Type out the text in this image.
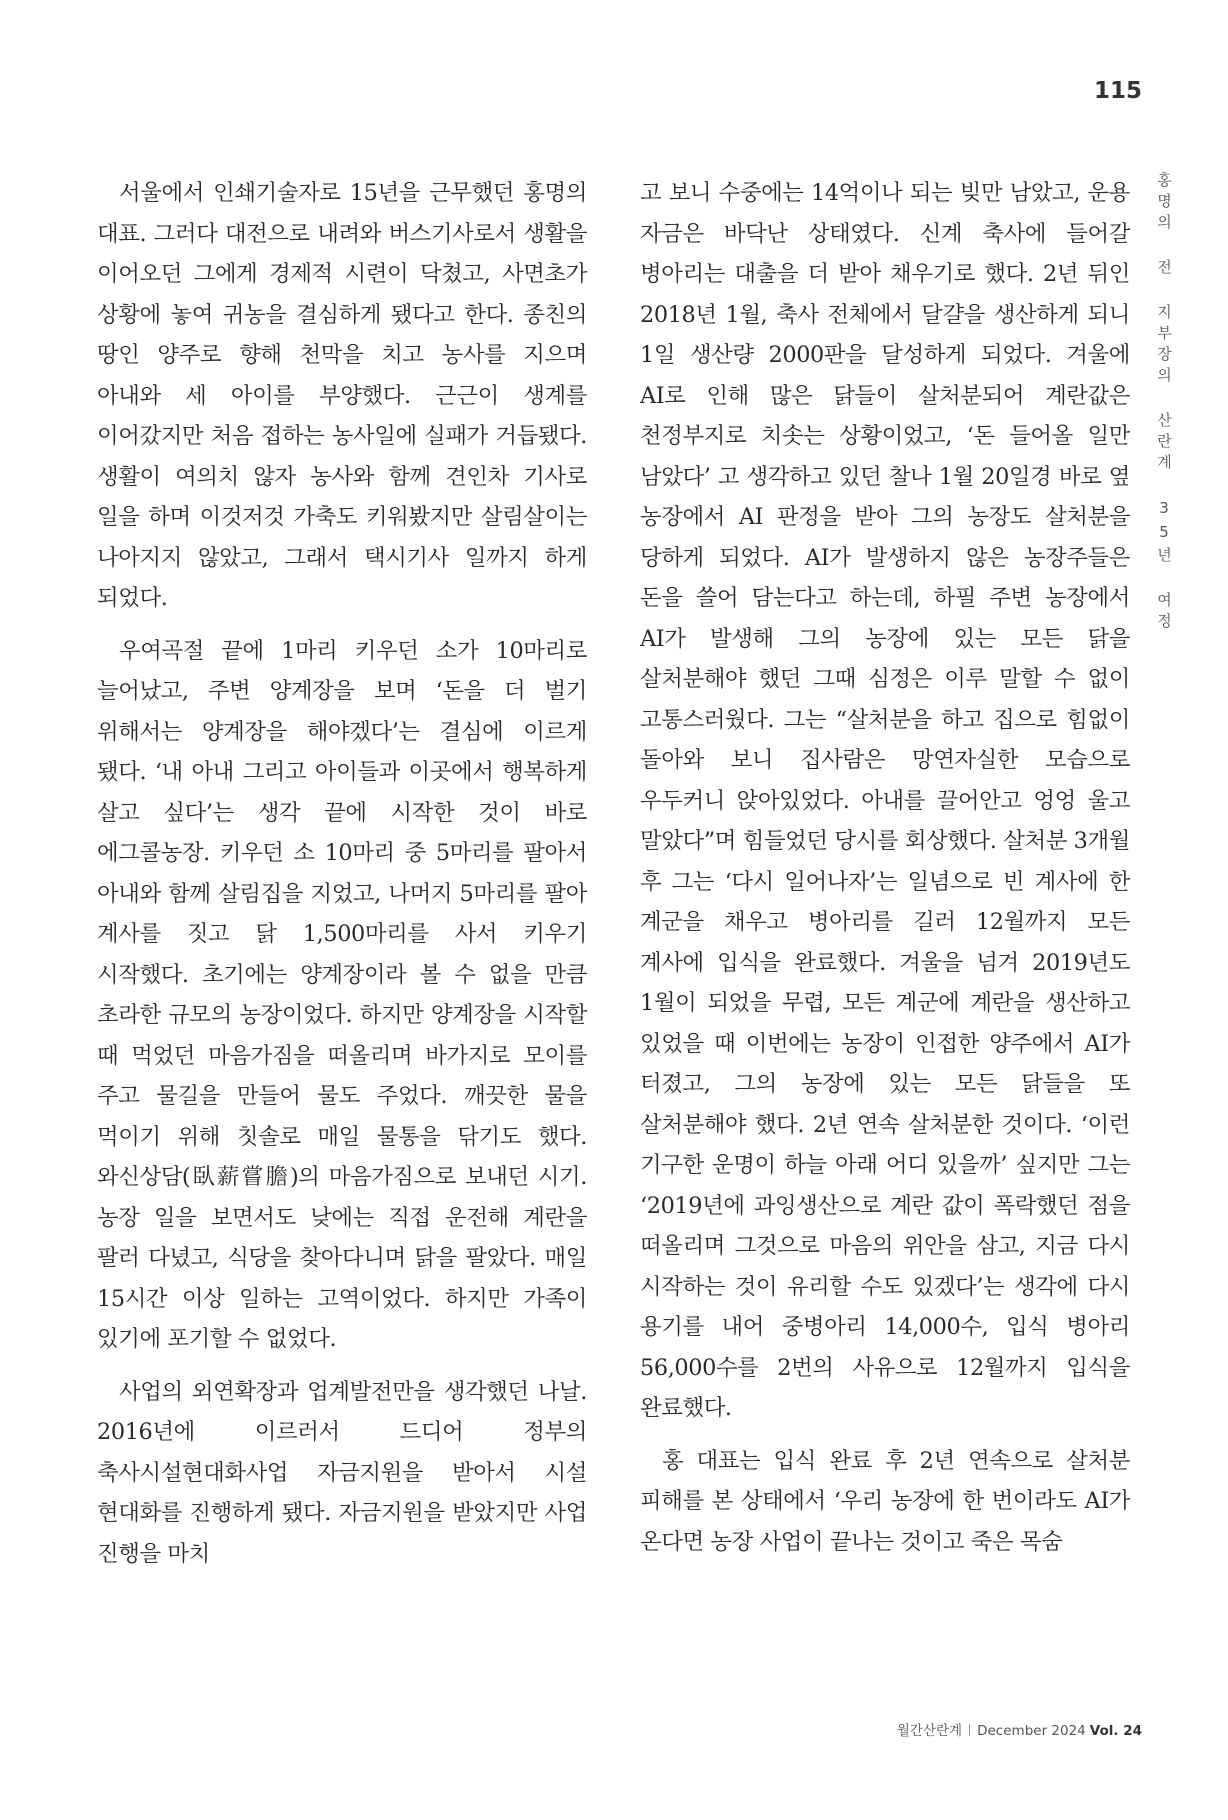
115

서울에서 인쇄기술자로 15년을 근무했던 홍명의 대표. 그러다 대전으로 내려와 버스기사로서 생활을 이어오던 그에게 경제적 시련이 닥쳤고, 사면초가 상황에 놓여 귀농을 결심하게 됐다고 한다. 종친의 땅인 양주로 향해 천막을 치고 농사를 지으며 아내와 세 아이를 부양했다. 근근이 생계를 이어갔지만 처음 접하는 농사일에 실패가 거듭됐다. 생활이 여의치 않자 농사와 함께 견인차 기사로 일을 하며 이것저것 가축도 키워봤지만 살림살이는 나아지지 않았고, 그래서 택시기사 일까지 하게 되었다.

우여곡절 끝에 1마리 키우던 소가 10마리로 늘어났고, 주변 양계장을 보며 ‘돈을 더 벌기 위해서는 양계장을 해야겠다’는 결심에 이르게 됐다. ‘내 아내 그리고 아이들과 이곳에서 행복하게 살고 싶다’는 생각 끝에 시작한 것이 바로 에그콜농장. 키우던 소 10마리 중 5마리를 팔아서 아내와 함께 살림집을 지었고, 나머지 5마리를 팔아 계사를 짓고 닭 1,500마리를 사서 키우기 시작했다. 초기에는 양계장이라 볼 수 없을 만큼 초라한 규모의 농장이었다. 하지만 양계장을 시작할 때 먹었던 마음가짐을 떠올리며 바가지로 모이를 주고 물길을 만들어 물도 주었다. 깨끗한 물을 먹이기 위해 칫솔로 매일 물통을 닦기도 했다. 와신상담(臥薪嘗膽)의 마음가짐으로 보내던 시기. 농장 일을 보면서도 낮에는 직접 운전해 계란을 팔러 다녔고, 식당을 찾아다니며 닭을 팔았다. 매일 15시간 이상 일하는 고역이었다. 하지만 가족이 있기에 포기할 수 없었다.

사업의 외연확장과 업계발전만을 생각했던 나날. 2016년에 이르러서 드디어 정부의 축사시설현대화사업 자금지원을 받아서 시설 현대화를 진행하게 됐다. 자금지원을 받았지만 사업 진행을 마치

고 보니 수중에는 14억이나 되는 빚만 남았고, 운용 자금은 바닥난 상태였다. 신계 축사에 들어갈 병아리는 대출을 더 받아 채우기로 했다. 2년 뒤인 2018년 1월, 축사 전체에서 달걀을 생산하게 되니 1일 생산량 2000판을 달성하게 되었다. 겨울에 AI로 인해 많은 닭들이 살처분되어 계란값은 천정부지로 치솟는 상황이었고, ‘돈 들어올 일만 남았다’ 고 생각하고 있던 찰나 1월 20일경 바로 옆 농장에서 AI 판정을 받아 그의 농장도 살처분을 당하게 되었다. AI가 발생하지 않은 농장주들은 돈을 쓸어 담는다고 하는데, 하필 주변 농장에서 AI가 발생해 그의 농장에 있는 모든 닭을 살처분해야 했던 그때 심정은 이루 말할 수 없이 고통스러웠다. 그는 “살처분을 하고 집으로 힘없이 돌아와 보니 집사람은 망연자실한 모습으로 우두커니 앉아있었다. 아내를 끌어안고 엉엉 울고 말았다”며 힘들었던 당시를 회상했다. 살처분 3개월 후 그는 ‘다시 일어나자’는 일념으로 빈 계사에 한 계군을 채우고 병아리를 길러 12월까지 모든 계사에 입식을 완료했다. 겨울을 넘겨 2019년도 1월이 되었을 무렵, 모든 계군에 계란을 생산하고 있었을 때 이번에는 농장이 인접한 양주에서 AI가 터졌고, 그의 농장에 있는 모든 닭들을 또 살처분해야 했다. 2년 연속 살처분한 것이다. ‘이런 기구한 운명이 하늘 아래 어디 있을까’ 싶지만 그는 ‘2019년에 과잉생산으로 계란 값이 폭락했던 점을 떠올리며 그것으로 마음의 위안을 삼고, 지금 다시 시작하는 것이 유리할 수도 있겠다’는 생각에 다시 용기를 내어 중병아리 14,000수, 입식 병아리 56,000수를 2번의 사유으로 12월까지 입식을 완료했다.

홍 대표는 입식 완료 후 2년 연속으로 살처분 피해를 본 상태에서 ‘우리 농장에 한 번이라도 AI가 온다면 농장 사업이 끝나는 것이고 죽은 목숨

홍명의 전 지부장의 산란계 35년 여정
월간산란계 December 2024 Vol. 24
